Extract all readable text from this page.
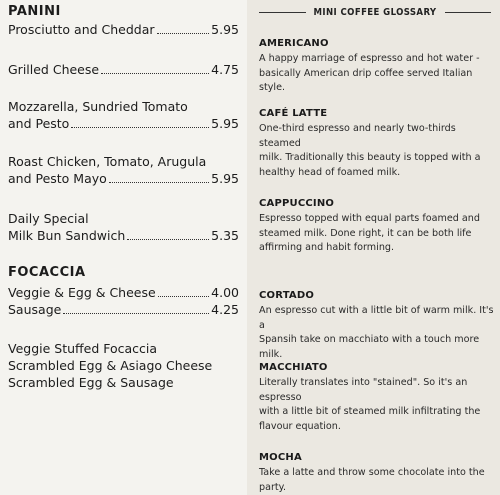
PANINI
Prosciutto and Cheddar	5.95
Grilled Cheese	4.75
Mozzarella, Sundried Tomato
and Pesto	5.95
Roast Chicken, Tomato, Arugula
and Pesto Mayo	5.95
Daily Special
Milk Bun Sandwich	5.35
FOCACCIA
Veggie & Egg & Cheese	4.00
Sausage	4.25
Veggie Stuffed Focaccia
Scrambled Egg & Asiago Cheese
Scrambled Egg & Sausage
MINI COFFEE GLOSSARY
AMERICANO
A happy marriage of espresso and hot water -
basically American drip coffee served Italian style.
CAFÉ LATTE
One-third espresso and nearly two-thirds steamed
milk. Traditionally this beauty is topped with a
healthy head of foamed milk.
CAPPUCCINO
Espresso topped with equal parts foamed and
steamed milk. Done right, it can be both life
affirming and habit forming.
CORTADO
An espresso cut with a little bit of warm milk. It's a
Spansih take on macchiato with a touch more milk.
MACCHIATO
Literally translates into "stained". So it's an espresso
with a little bit of steamed milk infiltrating the
flavour equation.
MOCHA
Take a latte and throw some chocolate into the party.
